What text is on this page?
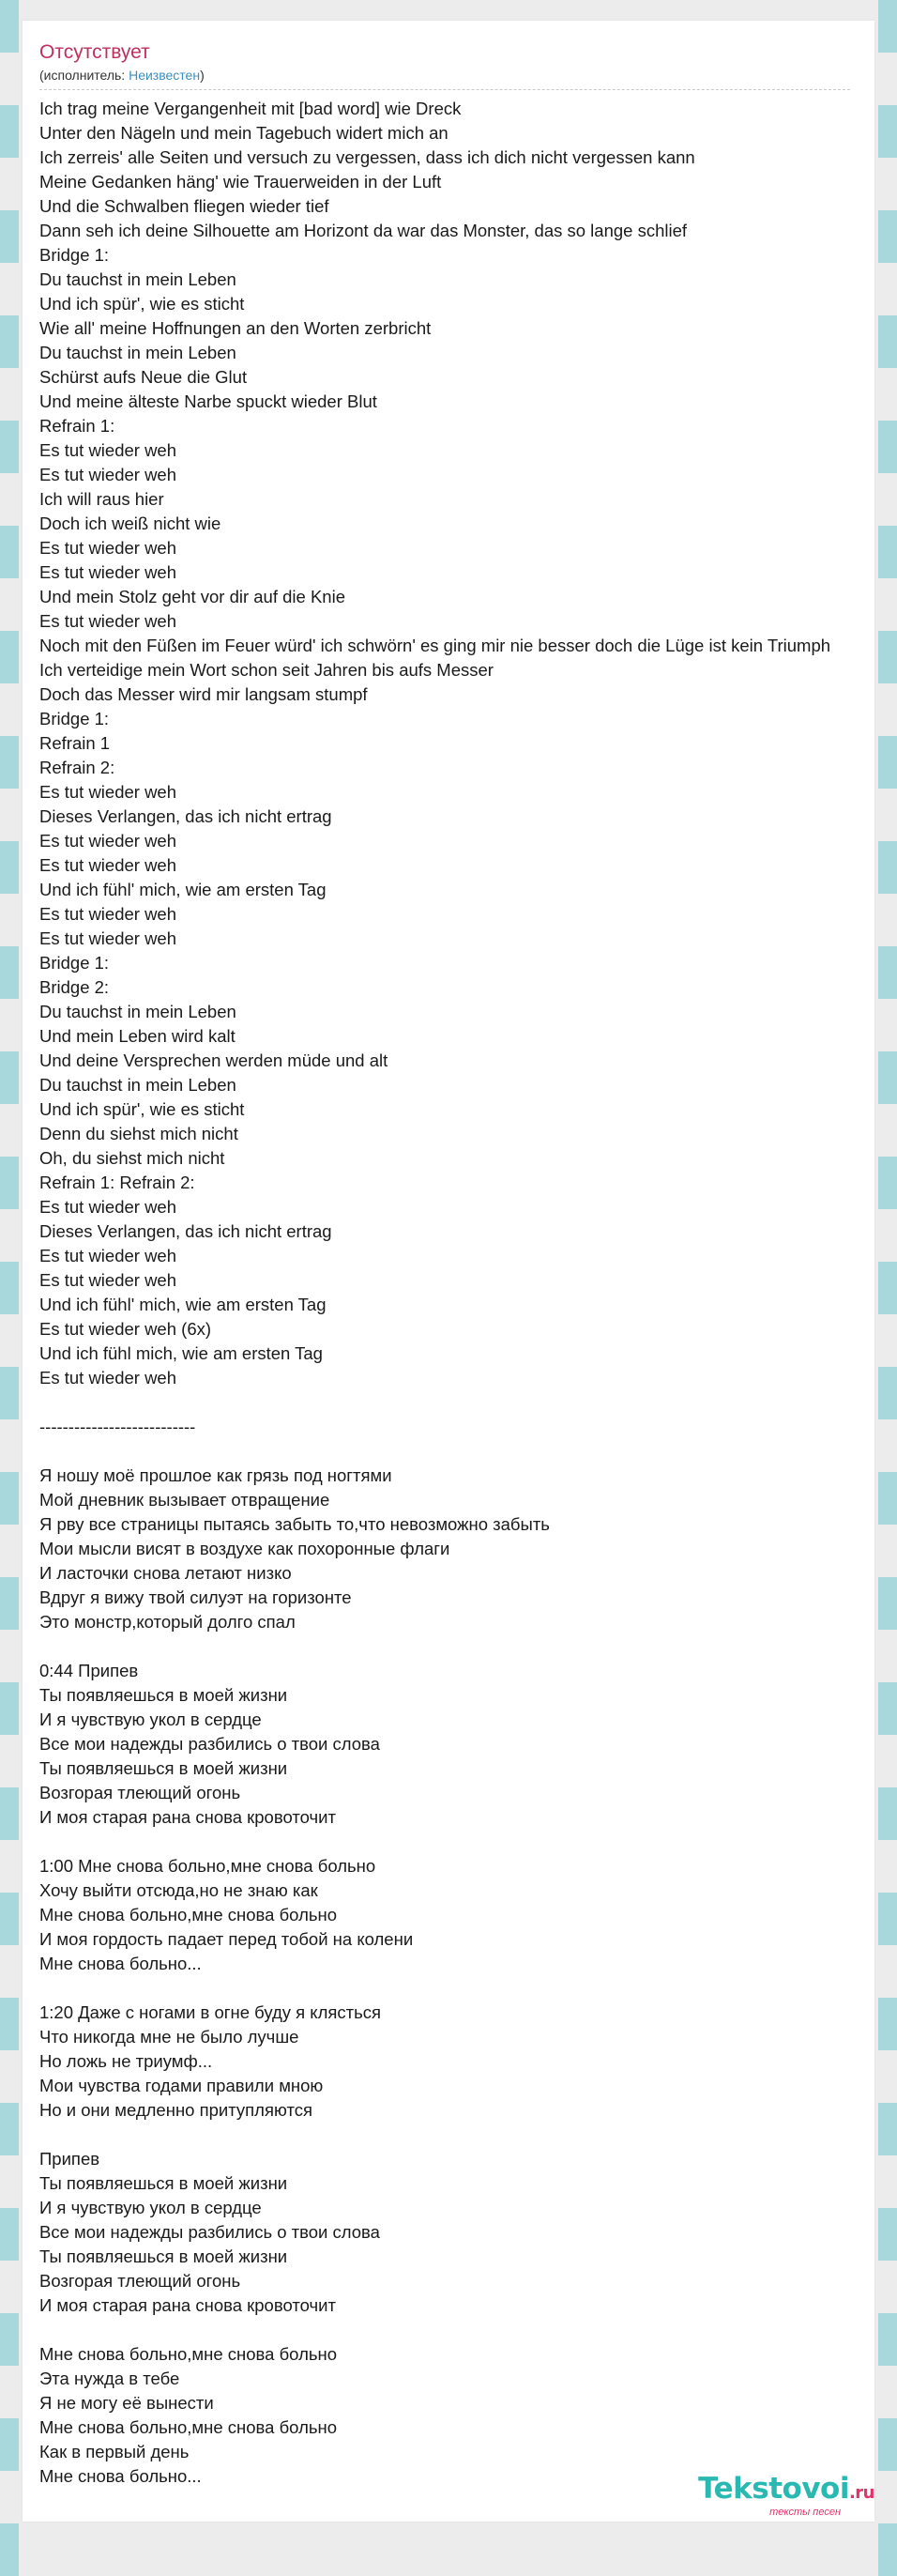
Отсутствует
(исполнитель: Неизвестен)
Ich trag meine Vergangenheit mit [bad word] wie Dreck
Unter den Nägeln und mein Tagebuch widert mich an
Ich zerreis' alle Seiten und versuch zu vergessen, dass ich dich nicht vergessen kann
Meine Gedanken häng' wie Trauerweiden in der Luft
Und die Schwalben fliegen wieder tief
Dann seh ich deine Silhouette am Horizont da war das Monster, das so lange schlief
Bridge 1:
Du tauchst in mein Leben
Und ich spür', wie es sticht
Wie all' meine Hoffnungen an den Worten zerbricht
Du tauchst in mein Leben
Schürst aufs Neue die Glut
Und meine älteste Narbe spuckt wieder Blut
Refrain 1:
Es tut wieder weh
Es tut wieder weh
Ich will raus hier
Doch ich weiß nicht wie
Es tut wieder weh
Es tut wieder weh
Und mein Stolz geht vor dir auf die Knie
Es tut wieder weh
Noch mit den Füßen im Feuer würd' ich schwörn' es ging mir nie besser doch die Lüge ist kein Triumph
Ich verteidige mein Wort schon seit Jahren bis aufs Messer
Doch das Messer wird mir langsam stumpf
Bridge 1:
Refrain 1
Refrain 2:
Es tut wieder weh
Dieses Verlangen, das ich nicht ertrag
Es tut wieder weh
Es tut wieder weh
Und ich fühl' mich, wie am ersten Tag
Es tut wieder weh
Es tut wieder weh
Bridge 1:
Bridge 2:
Du tauchst in mein Leben
Und mein Leben wird kalt
Und deine Versprechen werden müde und alt
Du tauchst in mein Leben
Und ich spür', wie es sticht
Denn du siehst mich nicht
Oh, du siehst mich nicht
Refrain 1: Refrain 2:
Es tut wieder weh
Dieses Verlangen, das ich nicht ertrag
Es tut wieder weh
Es tut wieder weh
Und ich fühl' mich, wie am ersten Tag
Es tut wieder weh (6x)
Und ich fühl mich, wie am ersten Tag
Es tut wieder weh
---------------------------
Я ношу моё прошлое как грязь под ногтями
Мой дневник вызывает отвращение
Я рву все страницы пытаясь забыть то,что невозможно забыть
Мои мысли висят в воздухе как похоронные флаги
И ласточки снова летают низко
Вдруг я вижу твой силуэт на горизонте
Это монстр,который долго спал
0:44 Припев
Ты появляешься в моей жизни
И я чувствую укол в сердце
Все мои надежды разбились о твои слова
Ты появляешься в моей жизни
Возгорая тлеющий огонь
И моя старая рана снова кровоточит
1:00 Мне снова больно,мне снова больно
Хочу выйти отсюда,но не знаю как
Мне снова больно,мне снова больно
И моя гордость падает перед тобой на колени
Мне снова больно...
1:20 Даже с ногами в огне буду я клясться
Что никогда мне не было лучше
Но ложь не триумф...
Мои чувства годами правили мною
Но и они медленно притупляются
Припев
Ты появляешься в моей жизни
И я чувствую укол в сердце
Все мои надежды разбились о твои слова
Ты появляешься в моей жизни
Возгорая тлеющий огонь
И моя старая рана снова кровоточит
Мне снова больно,мне снова больно
Эта нужда в тебе
Я не могу её вынести
Мне снова больно,мне снова больно
Как в первый день
Мне снова больно...	Tekstovoi.ru
тексты песен
